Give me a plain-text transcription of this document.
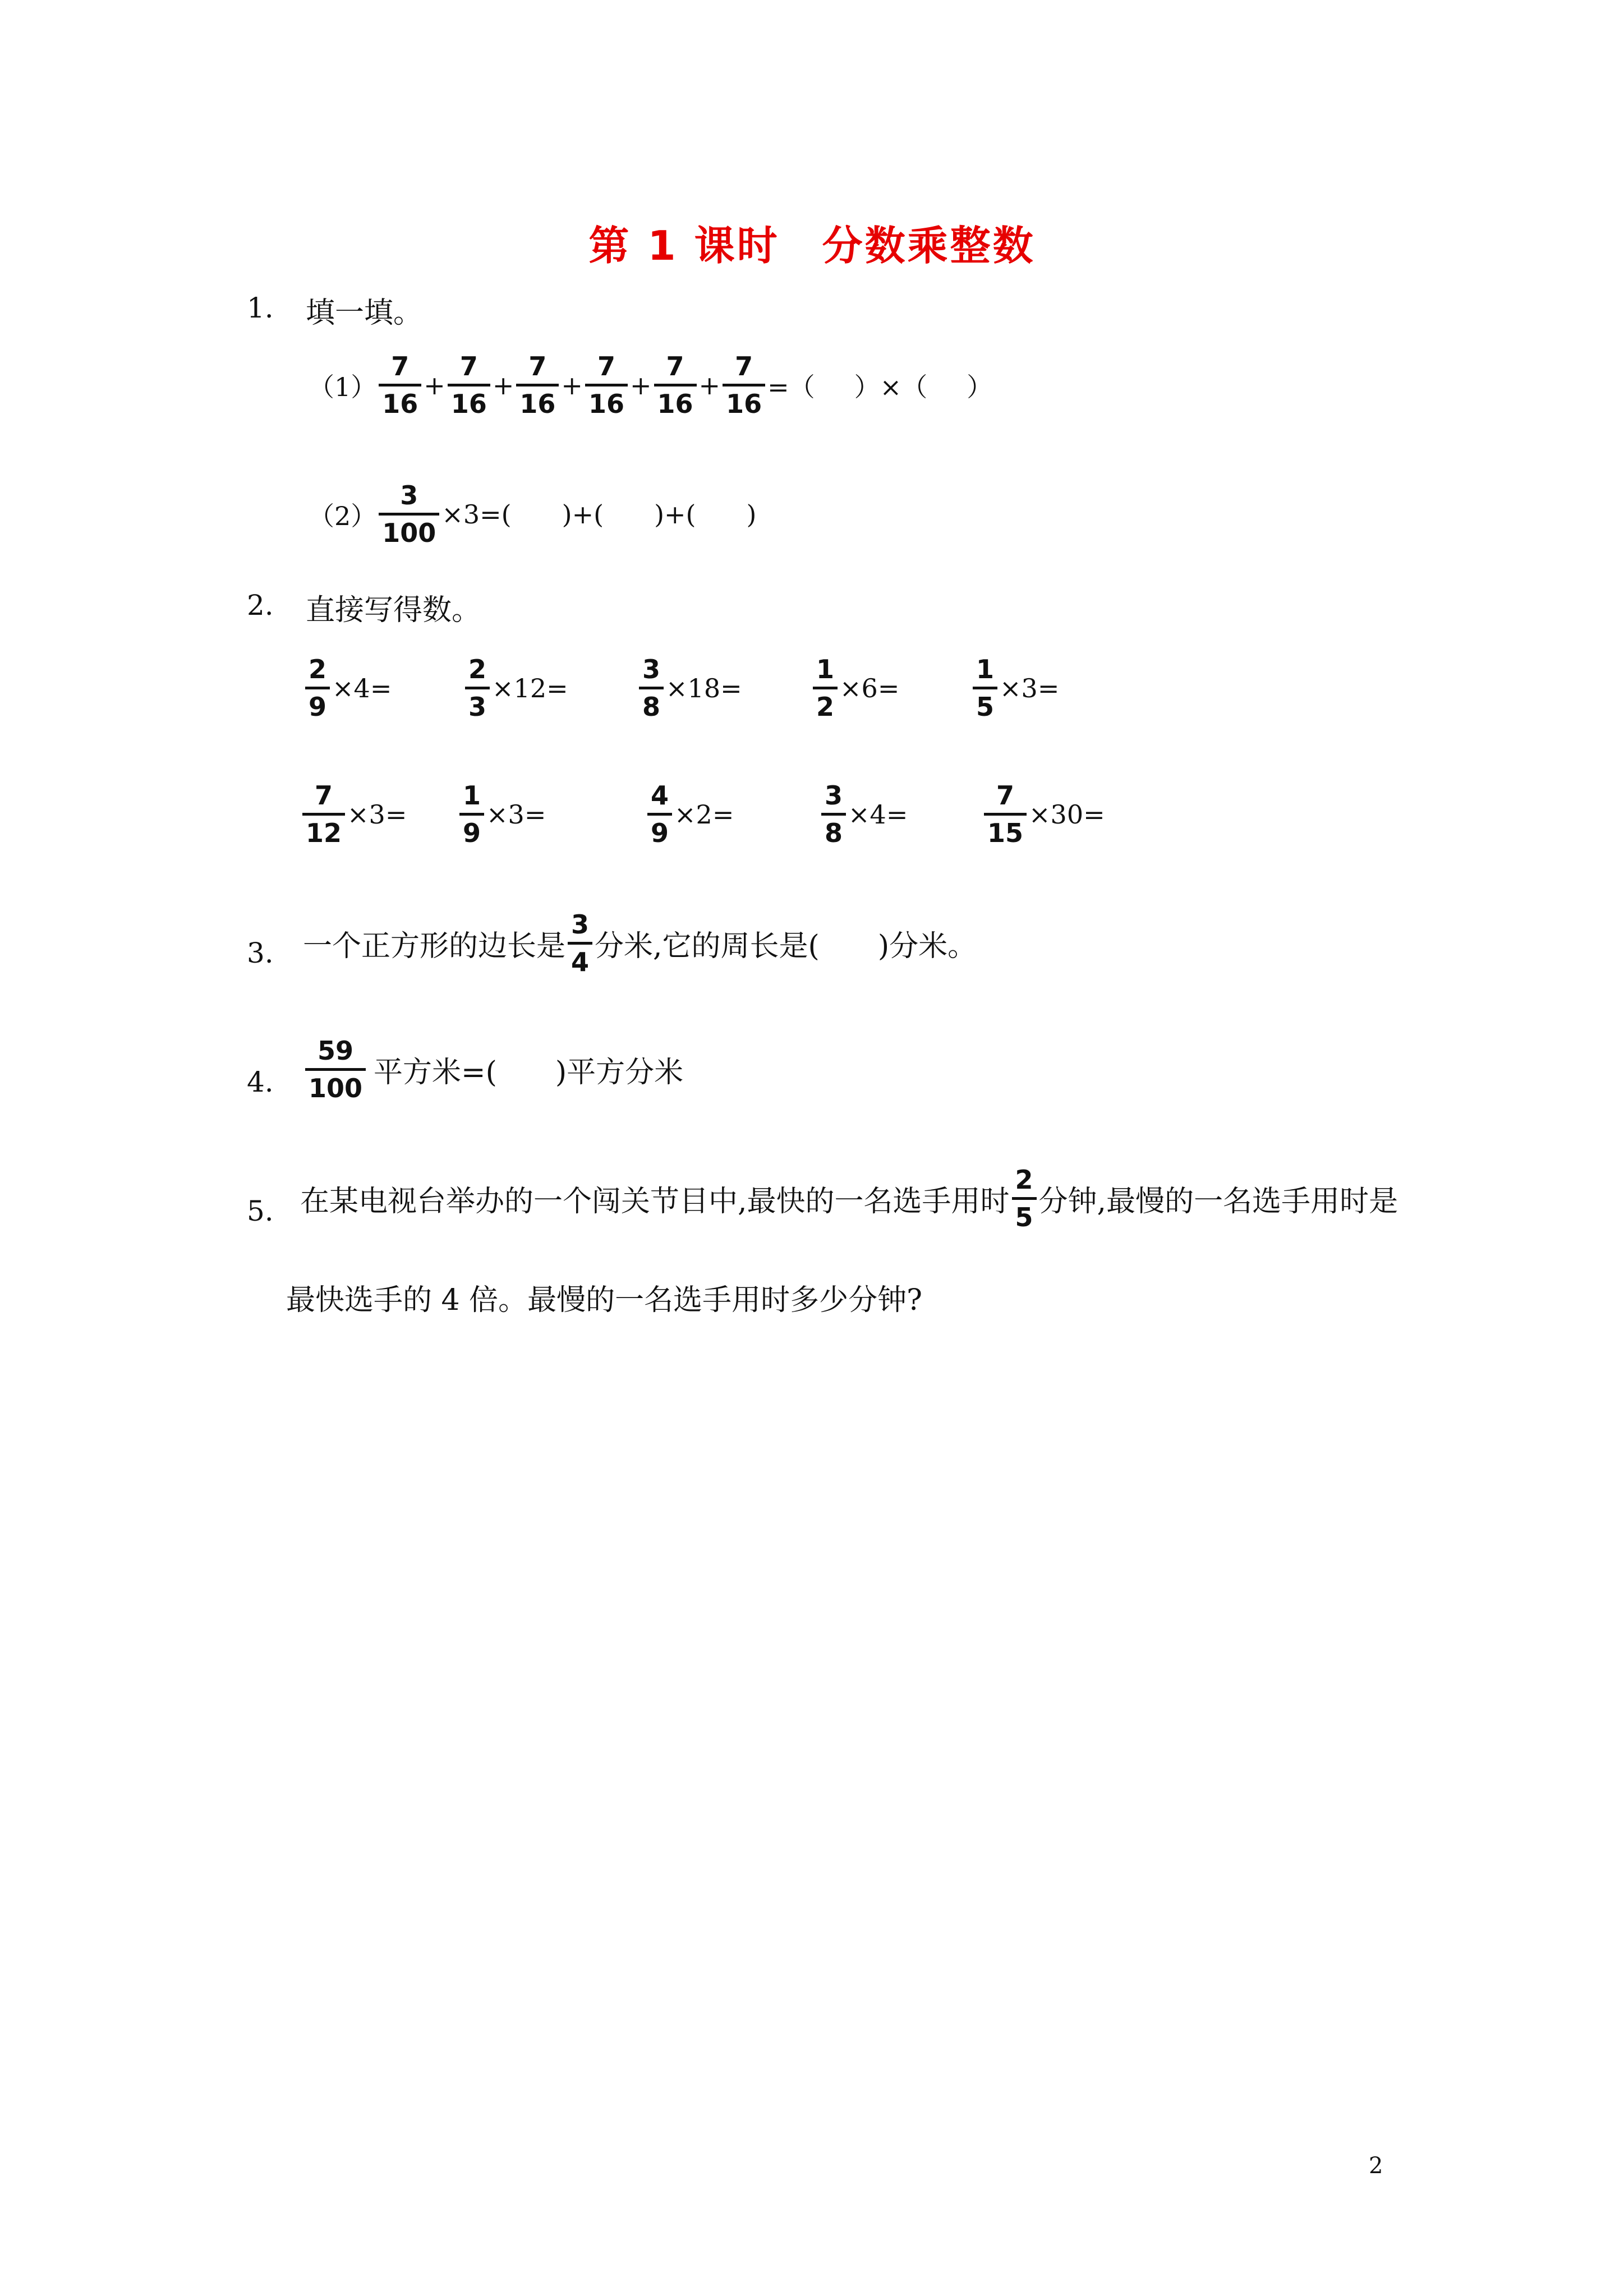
第 1 课时　分数乘整数
1. 填一填。
$(1) \frac{7}{16} + \frac{7}{16} + \frac{7}{16} + \frac{7}{16} + \frac{7}{16} + \frac{7}{16}$ =（ ）×（ ）
$(2) \frac{3}{100} \times 3=$( )+( )+( )
2. 直接写得数。
$\frac{2}{9} \times 4=$	$\frac{2}{3} \times 12=$	$\frac{3}{8} \times 18=$	$\frac{1}{2} \times 6=$	$\frac{1}{5} \times 3=$
$\frac{7}{12} \times 3= \frac{1}{9} \times 3=$	$\frac{4}{9} \times 2=$	$\frac{3}{8} \times 4=$	$\frac{7}{15} \times 30=$
3. 一个正方形的边长是 $\frac{3}{4}$ 分米,它的周长是(　　)分米。
4. $\frac{59}{100}$ 平方米=(　　)平方分米
5. 在某电视台举办的一个闯关节目中,最快的一名选手用时 $\frac{2}{5}$ 分钟,最慢的一名选手用时是
最快选手的 4 倍。最慢的一名选手用时多少分钟?
2
